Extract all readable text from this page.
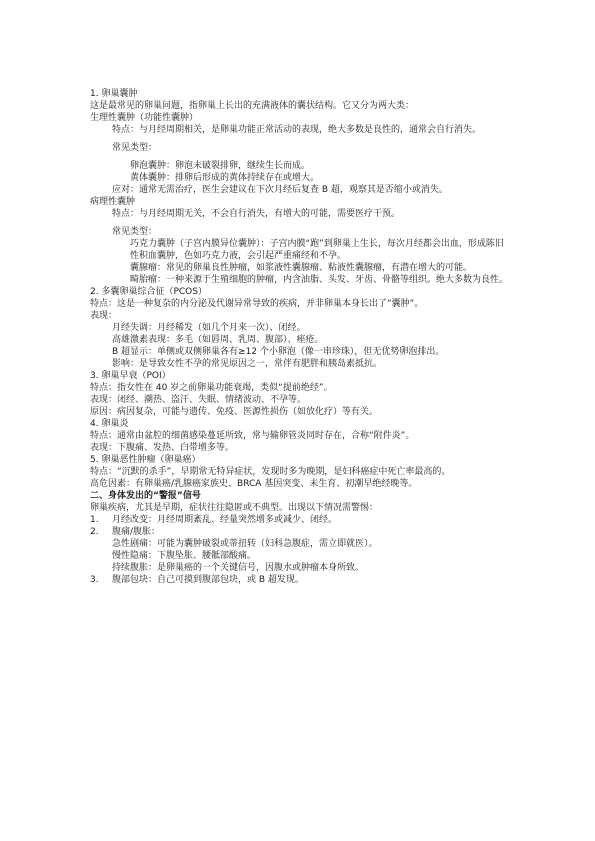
1. 卵巢囊肿

这是最常见的卵巢问题，指卵巢上长出的充满液体的囊状结构。它又分为两大类：

生理性囊肿（功能性囊肿）

特点：与月经周期相关，是卵巢功能正常活动的表现，绝大多数是良性的，通常会自行消失。

常见类型：

卵泡囊肿：卵泡未破裂排卵，继续生长而成。

黄体囊肿：排卵后形成的黄体持续存在或增大。

应对：通常无需治疗，医生会建议在下次月经后复查 B 超，观察其是否缩小或消失。

病理性囊肿

特点：与月经周期无关，不会自行消失，有增大的可能，需要医疗干预。

常见类型：

巧克力囊肿（子宫内膜异位囊肿）：子宫内膜“跑”到卵巢上生长，每次月经都会出血，形成陈旧性积血囊肿，色如巧克力液，会引起严重痛经和不孕。

囊腺瘤：常见的卵巢良性肿瘤，如浆液性囊腺瘤、粘液性囊腺瘤，有潜在增大的可能。

畸胎瘤：一种来源于生殖细胞的肿瘤，内含油脂、头发、牙齿、骨骼等组织。绝大多数为良性。

2. 多囊卵巢综合征（PCOS）

特点：这是一种复杂的内分泌及代谢异常导致的疾病，并非卵巢本身长出了“囊肿”。

表现：

月经失调：月经稀发（如几个月来一次）、闭经。

高雄激素表现：多毛（如唇周、乳周、腹部）、痤疮。

B 超显示：单侧或双侧卵巢各有≥12 个小卵泡（像一串珍珠），但无优势卵泡排出。

影响：是导致女性不孕的常见原因之一，常伴有肥胖和胰岛素抵抗。

3. 卵巢早衰（POI）

特点：指女性在 40 岁之前卵巢功能衰竭，类似“提前绝经”。

表现：闭经、潮热、盗汗、失眠、情绪波动、不孕等。

原因：病因复杂，可能与遗传、免疫、医源性损伤（如放化疗）等有关。

4. 卵巢炎

特点：通常由盆腔的细菌感染蔓延所致，常与输卵管炎同时存在，合称“附件炎”。

表现：下腹痛、发热、白带增多等。

5. 卵巢恶性肿瘤（卵巢癌）

特点：“沉默的杀手”，早期常无特异症状，发现时多为晚期，是妇科癌症中死亡率最高的。

高危因素：有卵巢癌/乳腺癌家族史、BRCA 基因突变、未生育、初潮早绝经晚等。

二、身体发出的“警报”信号

卵巢疾病，尤其是早期，症状往往隐匿或不典型。出现以下情况需警惕：

1. 月经改变：月经周期紊乱、经量突然增多或减少、闭经。

2. 腹痛/腹胀：

急性剧痛：可能为囊肿破裂或蒂扭转（妇科急腹症，需立即就医）。

慢性隐痛：下腹坠胀、腰骶部酸痛。

持续腹胀：是卵巢癌的一个关键信号，因腹水或肿瘤本身所致。

3. 腹部包块：自己可摸到腹部包块，或 B 超发现。
